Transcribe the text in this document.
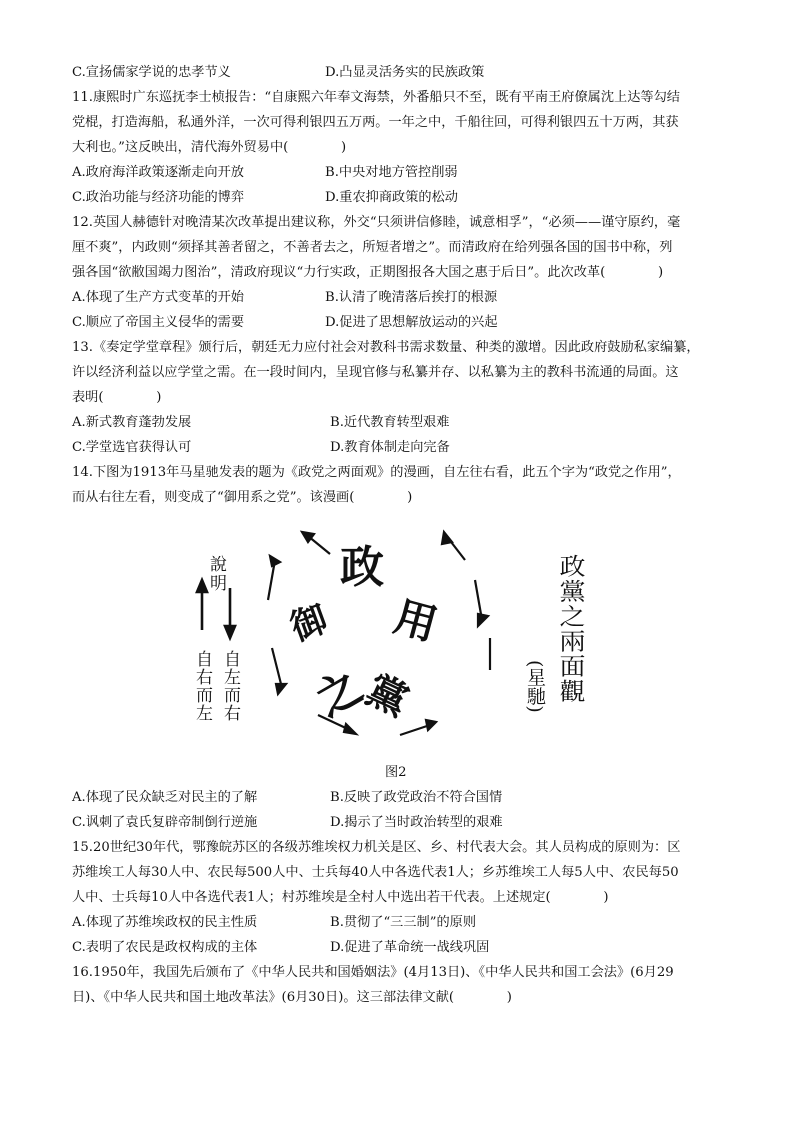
C.宣扬儒家学说的忠孝节义	D.凸显灵活务实的民族政策
11.康熙时广东巡抚李士桢报告：“自康熙六年奉文海禁，外番船只不至，既有平南王府僚属沈上达等勾结
党棍，打造海船，私通外洋，一次可得利银四五万两。一年之中，千船往回，可得利银四五十万两，其获
大利也。”这反映出，清代海外贸易中(　　　　)
A.政府海洋政策逐渐走向开放	B.中央对地方管控削弱
C.政治功能与经济功能的博弈	D.重农抑商政策的松动
12.英国人赫德针对晚清某次改革提出建议称，外交“只须讲信修睦，诚意相孚”，“必须——谨守原约，毫
厘不爽”，内政则“须择其善者留之，不善者去之，所短者增之”。而清政府在给列强各国的国书中称，列
强各国“欲敝国竭力图治”，清政府现议“力行实政，正期图报各大国之惠于后日”。此次改革(　　　　)
A.体现了生产方式变革的开始	B.认清了晚清落后挨打的根源
C.顺应了帝国主义侵华的需要	D.促进了思想解放运动的兴起
13.《奏定学堂章程》颁行后，朝廷无力应付社会对教科书需求数量、种类的激增。因此政府鼓励私家编纂，
许以经济利益以应学堂之需。在一段时间内，呈现官修与私纂并存、以私纂为主的教科书流通的局面。这
表明(　　　　)
A.新式教育蓬勃发展	B.近代教育转型艰难
C.学堂选官获得认可	D.教育体制走向完备
14.下图为1913年马星驰发表的题为《政党之两面观》的漫画，自左往右看，此五个字为“政党之作用”，
而从右往左看，则变成了“御用系之党”。该漫画(　　　　)
說明
自右而左 自左而右
政
用
御
之
黨	政黨之兩面觀
(星馳)
图2
A.体现了民众缺乏对民主的了解	B.反映了政党政治不符合国情
C.讽刺了袁氏复辟帝制倒行逆施	D.揭示了当时政治转型的艰难
15.20世纪30年代，鄂豫皖苏区的各级苏维埃权力机关是区、乡、村代表大会。其人员构成的原则为：区
苏维埃工人每30人中、农民每500人中、士兵每40人中各选代表1人；乡苏维埃工人每5人中、农民每50
人中、士兵每10人中各选代表1人；村苏维埃是全村人中选出若干代表。上述规定(　　　　)
A.体现了苏维埃政权的民主性质	B.贯彻了“三三制”的原则
C.表明了农民是政权构成的主体	D.促进了革命统一战线巩固
16.1950年，我国先后颁布了《中华人民共和国婚姻法》(4月13日)、《中华人民共和国工会法》(6月29
日)、《中华人民共和国土地改革法》(6月30日)。这三部法律文献(　　　　)
